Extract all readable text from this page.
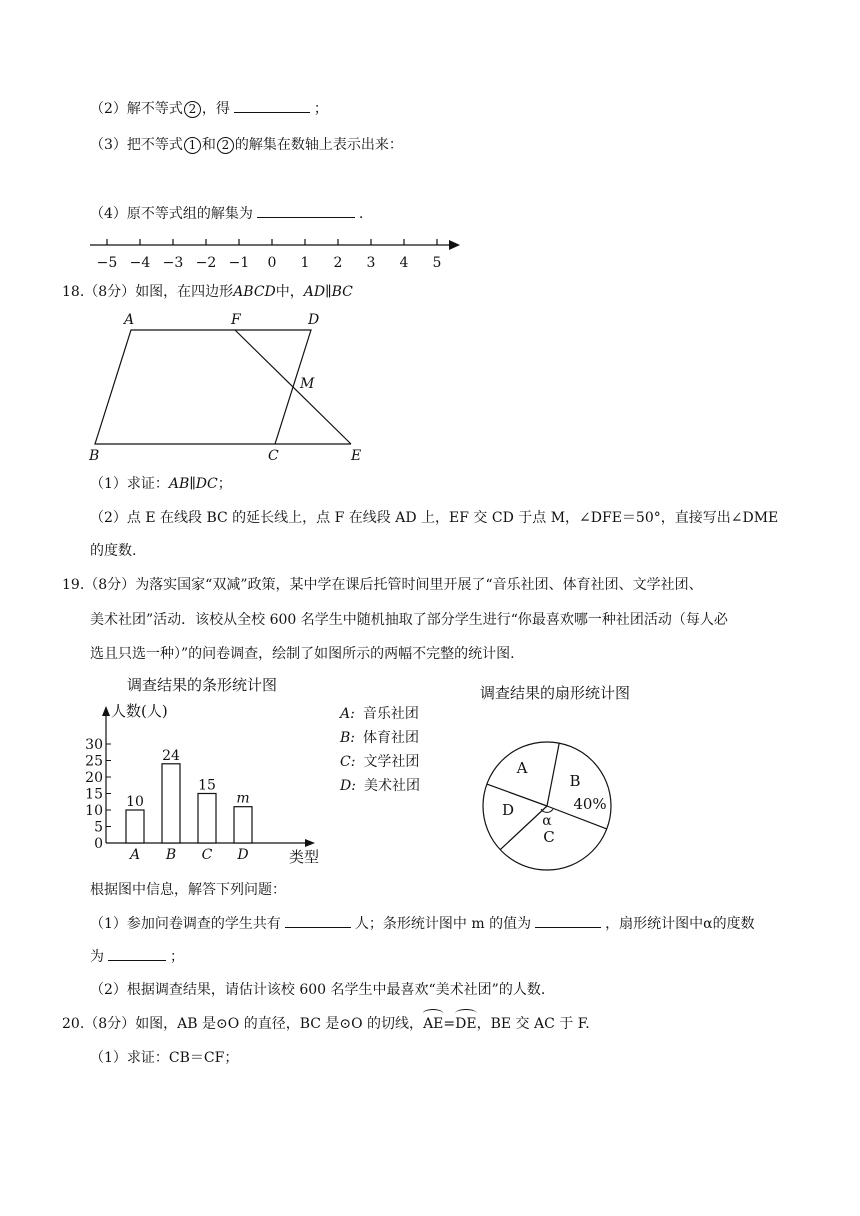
（2）解不等式 2 ，得	；
（3）把不等式 1 和 2 的解集在数轴上表示出来：
（4）原不等式组的解集为	.
−5 −4 −3 −2 −1 0 1 2 3 4 5
18.（8分）如图，在四边形ABCD中，AD∥BC
A	F	D
M
B	C	E
（1）求证：AB∥DC；
（2）点 E 在线段 BC 的延长线上，点 F 在线段 AD 上，EF 交 CD 于点 M，∠DFE＝50°，直接写出∠DME
的度数.
19.（8分）为落实国家“双减”政策，某中学在课后托管时间里开展了“音乐社团、体育社团、文学社团、
美术社团”活动．该校从全校 600 名学生中随机抽取了部分学生进行“你最喜欢哪一种社团活动（每人必
选且只选一种）”的问卷调查，绘制了如图所示的两幅不完整的统计图.
调查结果的条形统计图
人数(人)
类型
0
5
10
15
20
25
30
10
A
24
B
15
C
m
D
A: 音乐社团
B: 体育社团
C: 文学社团
D: 美术社团
调查结果的扇形统计图
α
A
B
40%
C
D
根据图中信息，解答下列问题：
（1）参加问卷调查的学生共有	人；条形统计图中 m 的值为	，扇形统计图中α的度数
为	；
（2）根据调查结果，请估计该校 600 名学生中最喜欢“美术社团”的人数.
20.（8分）如图，AB 是⊙O 的直径，BC 是⊙O 的切线，AE=DE，BE 交 AC 于 F.
（1）求证：CB＝CF；
